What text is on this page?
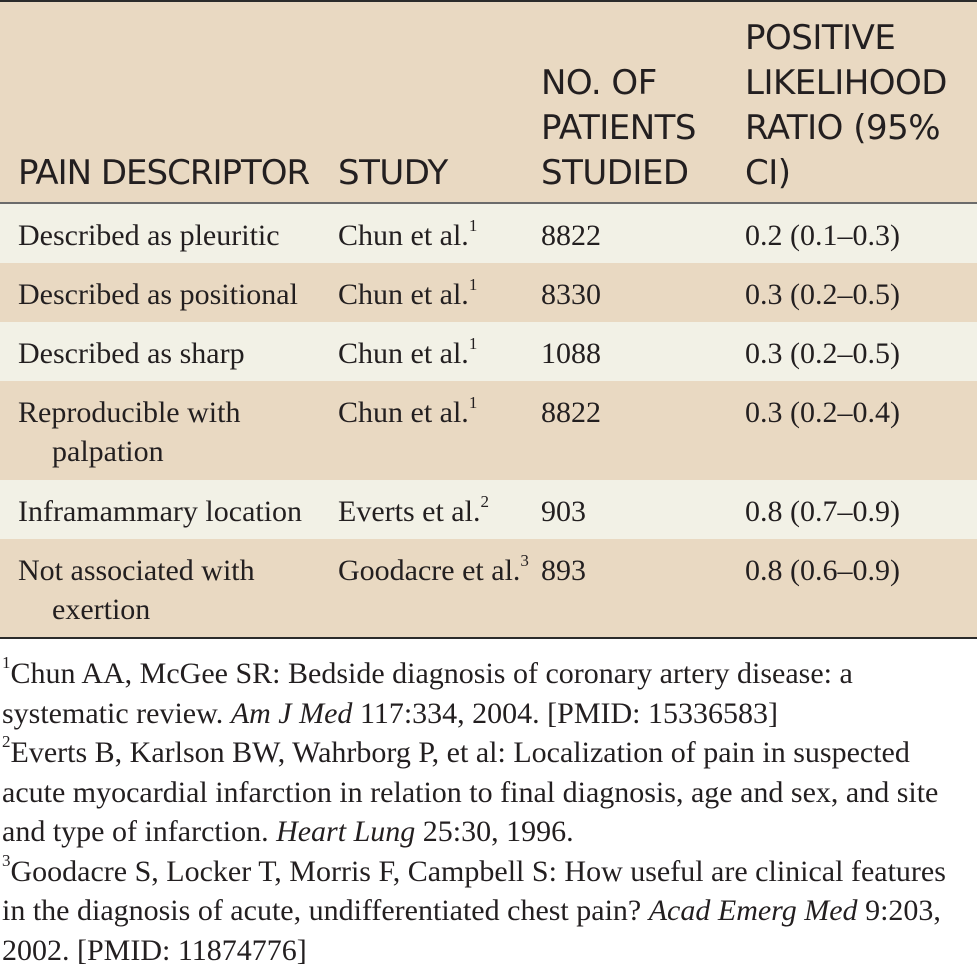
PAIN DESCRIPTOR	STUDY	NO. OF PATIENTS STUDIED	POSITIVE LIKELIHOOD RATIO (95% CI)

Described as pleuritic	Chun et al.$^1$	8822	0.2 (0.1–0.3)

Described as positional	Chun et al.$^1$	8330	0.3 (0.2–0.5)

Described as sharp	Chun et al.$^1$	1088	0.3 (0.2–0.5)

Reproducible with palpation	Chun et al.$^1$	8822	0.3 (0.2–0.4)

Inframammary location	Everts et al.$^2$	903	0.8 (0.7–0.9)

Not associated with exertion	Goodacre et al.$^3$	893	0.8 (0.6–0.9)

$^1$Chun AA, McGee SR: Bedside diagnosis of coronary artery disease: a systematic review. Am J Med 117:334, 2004. [PMID: 15336583]

$^2$Everts B, Karlson BW, Wahrborg P, et al: Localization of pain in suspected acute myocardial infarction in relation to final diagnosis, age and sex, and site and type of infarction. Heart Lung 25:30, 1996.

$^3$Goodacre S, Locker T, Morris F, Campbell S: How useful are clinical features in the diagnosis of acute, undifferentiated chest pain? Acad Emerg Med 9:203, 2002. [PMID: 11874776]
